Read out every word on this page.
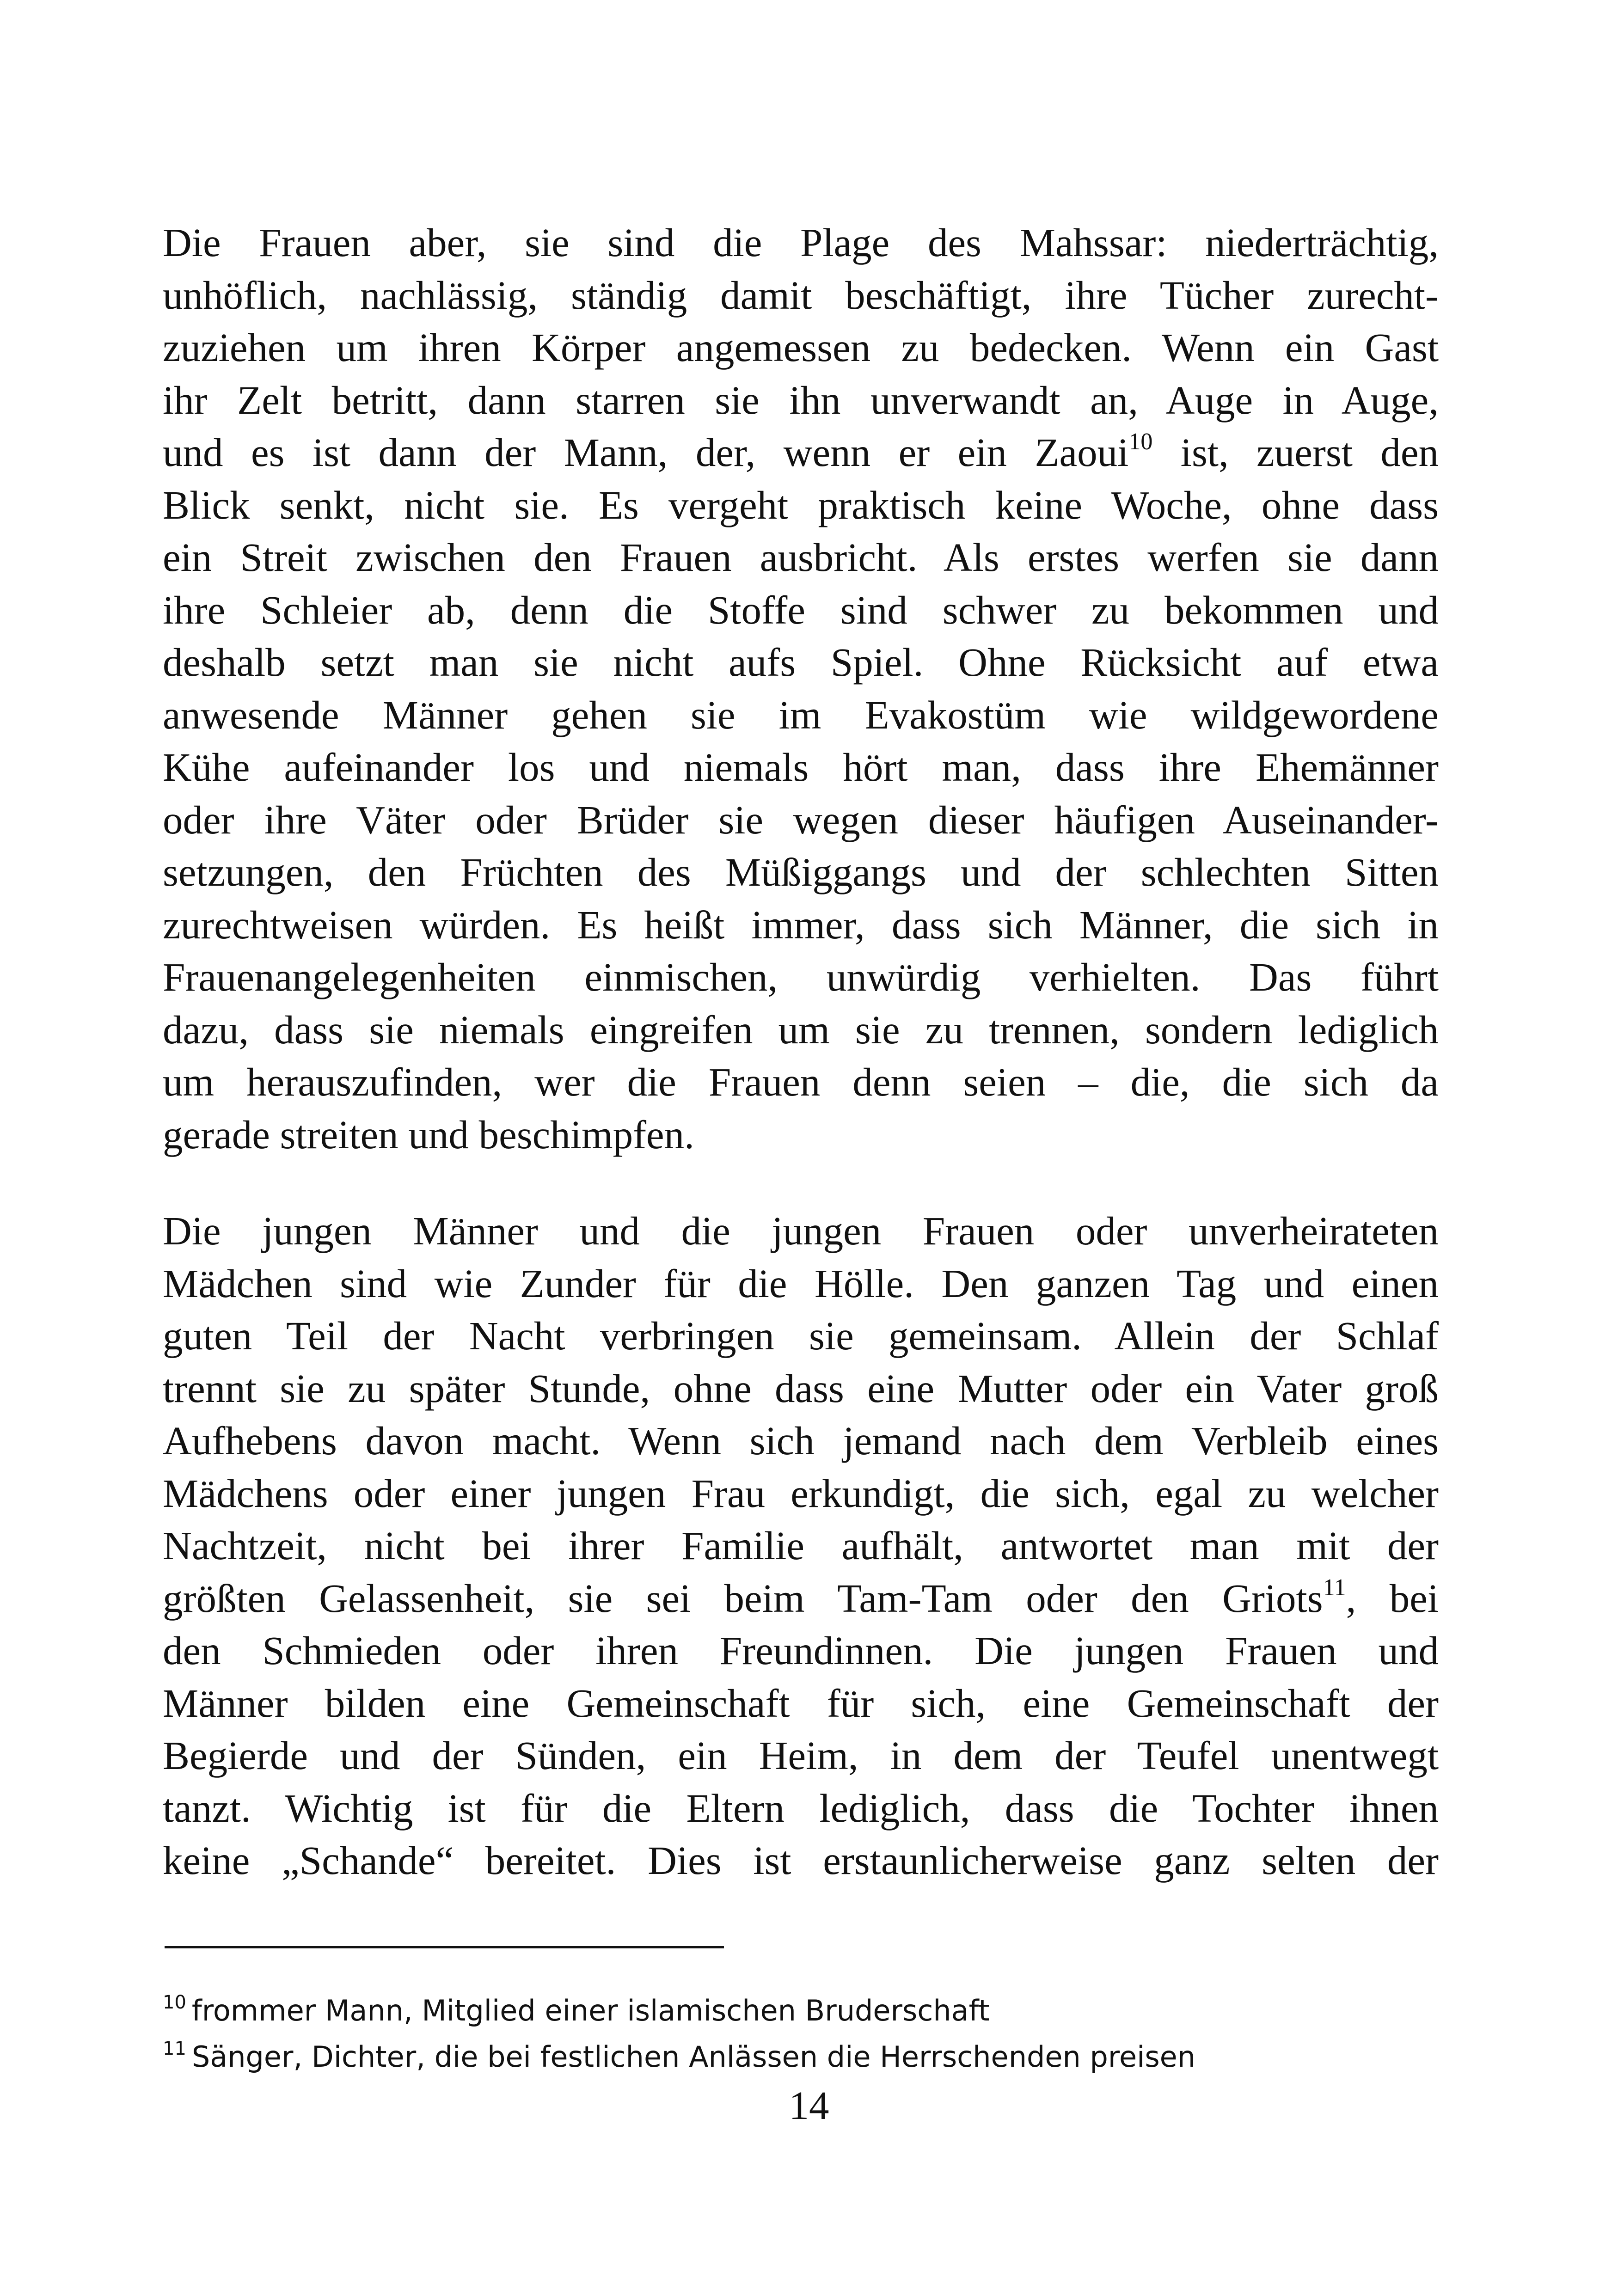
Die Frauen aber, sie sind die Plage des Mahssar: niederträchtig,
unhöflich, nachlässig, ständig damit beschäftigt, ihre Tücher zurecht-
zuziehen um ihren Körper angemessen zu bedecken. Wenn ein Gast
ihr Zelt betritt, dann starren sie ihn unverwandt an, Auge in Auge,
und es ist dann der Mann, der, wenn er ein Zaoui$^{10}$ ist, zuerst den
Blick senkt, nicht sie. Es vergeht praktisch keine Woche, ohne dass
ein Streit zwischen den Frauen ausbricht. Als erstes werfen sie dann
ihre Schleier ab, denn die Stoffe sind schwer zu bekommen und
deshalb setzt man sie nicht aufs Spiel. Ohne Rücksicht auf etwa
anwesende Männer gehen sie im Evakostüm wie wildgewordene
Kühe aufeinander los und niemals hört man, dass ihre Ehemänner
oder ihre Väter oder Brüder sie wegen dieser häufigen Auseinander-
setzungen, den Früchten des Müßiggangs und der schlechten Sitten
zurechtweisen würden. Es heißt immer, dass sich Männer, die sich in
Frauenangelegenheiten einmischen, unwürdig verhielten. Das führt
dazu, dass sie niemals eingreifen um sie zu trennen, sondern lediglich
um herauszufinden, wer die Frauen denn seien – die, die sich da
gerade streiten und beschimpfen.
Die jungen Männer und die jungen Frauen oder unverheirateten
Mädchen sind wie Zunder für die Hölle. Den ganzen Tag und einen
guten Teil der Nacht verbringen sie gemeinsam. Allein der Schlaf
trennt sie zu später Stunde, ohne dass eine Mutter oder ein Vater groß
Aufhebens davon macht. Wenn sich jemand nach dem Verbleib eines
Mädchens oder einer jungen Frau erkundigt, die sich, egal zu welcher
Nachtzeit, nicht bei ihrer Familie aufhält, antwortet man mit der
größten Gelassenheit, sie sei beim Tam-Tam oder den Griots$^{11}$, bei
den Schmieden oder ihren Freundinnen. Die jungen Frauen und
Männer bilden eine Gemeinschaft für sich, eine Gemeinschaft der
Begierde und der Sünden, ein Heim, in dem der Teufel unentwegt
tanzt. Wichtig ist für die Eltern lediglich, dass die Tochter ihnen
keine „Schande“ bereitet. Dies ist erstaunlicherweise ganz selten der
$^{10}$ frommer Mann, Mitglied einer islamischen Bruderschaft
$^{11}$ Sänger, Dichter, die bei festlichen Anlässen die Herrschenden preisen
14
